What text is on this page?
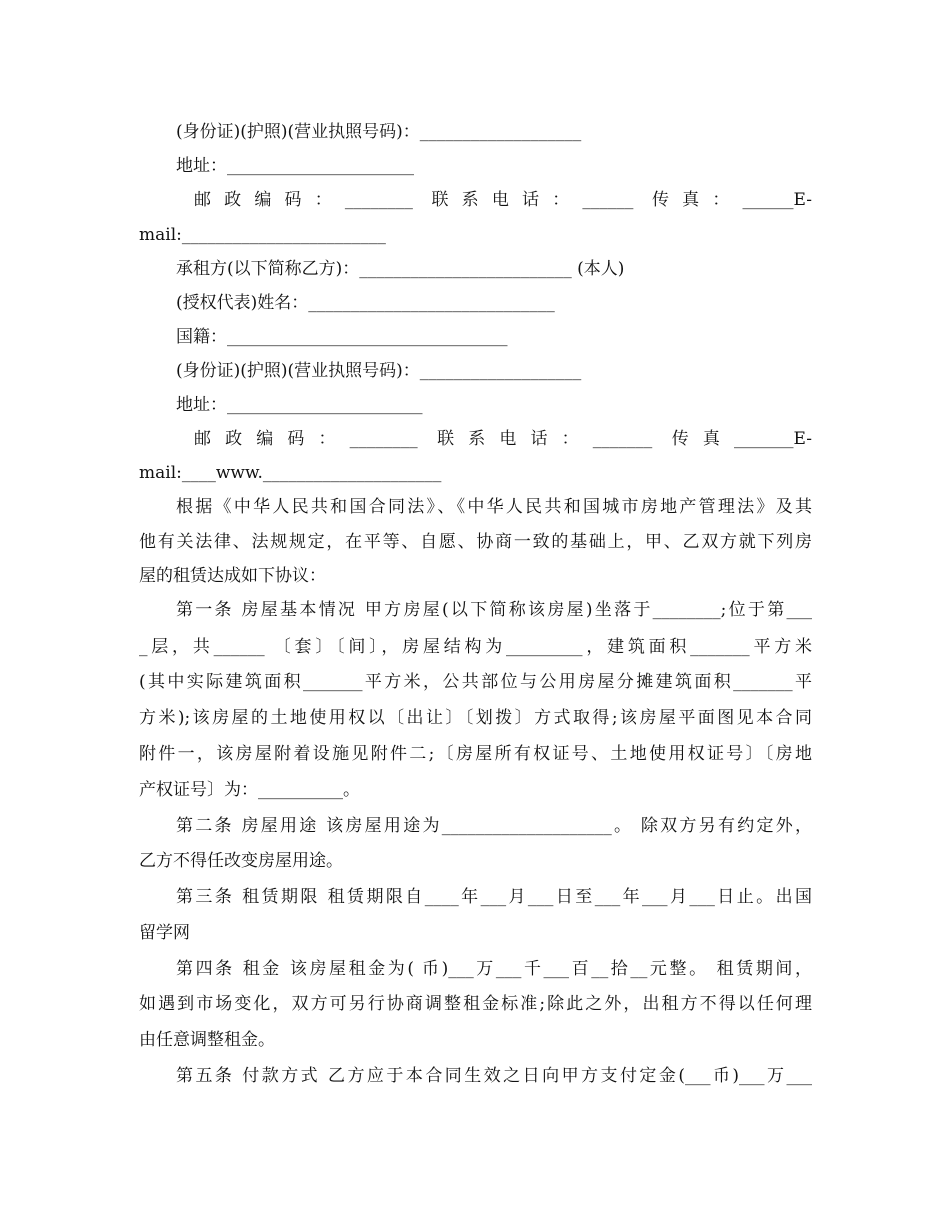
(身份证)(护照)(营业执照号码)：___________________
地址：______________________
邮 政 编 码 ： ________  联 系 电 话 ： ______  传 真 ： ______E-
mail:________________________
承租方(以下简称乙方)：_________________________ (本人)
(授权代表)姓名：_____________________________
国籍：_________________________________
(身份证)(护照)(营业执照号码)：___________________
地址：_______________________
邮 政 编 码 ： ________  联 系 电 话 ： _______  传 真 _______E-
mail:____www._____________________
根据《中华人民共和国合同法》、《中华人民共和国城市房地产管理法》及其
他有关法律、法规规定，在平等、自愿、协商一致的基础上，甲、乙双方就下列房
屋的租赁达成如下协议：
第一条 房屋基本情况 甲方房屋(以下简称该房屋)坐落于________;位于第___
_层，共______ 〔套〕〔间〕，房屋结构为_________，建筑面积_______平方米
(其中实际建筑面积_______平方米，公共部位与公用房屋分摊建筑面积_______平
方米);该房屋的土地使用权以〔出让〕〔划拨〕方式取得;该房屋平面图见本合同
附件一，该房屋附着设施见附件二;〔房屋所有权证号、土地使用权证号〕〔房地
产权证号〕为：__________。
第二条 房屋用途 该房屋用途为____________________。 除双方另有约定外，
乙方不得任改变房屋用途。
第三条 租赁期限 租赁期限自____年___月___日至___年___月___日止。出国
留学网
第四条 租金 该房屋租金为( 币)___万___千___百__拾__元整。 租赁期间，
如遇到市场变化，双方可另行协商调整租金标准;除此之外，出租方不得以任何理
由任意调整租金。
第五条 付款方式 乙方应于本合同生效之日向甲方支付定金(___币)___万___
